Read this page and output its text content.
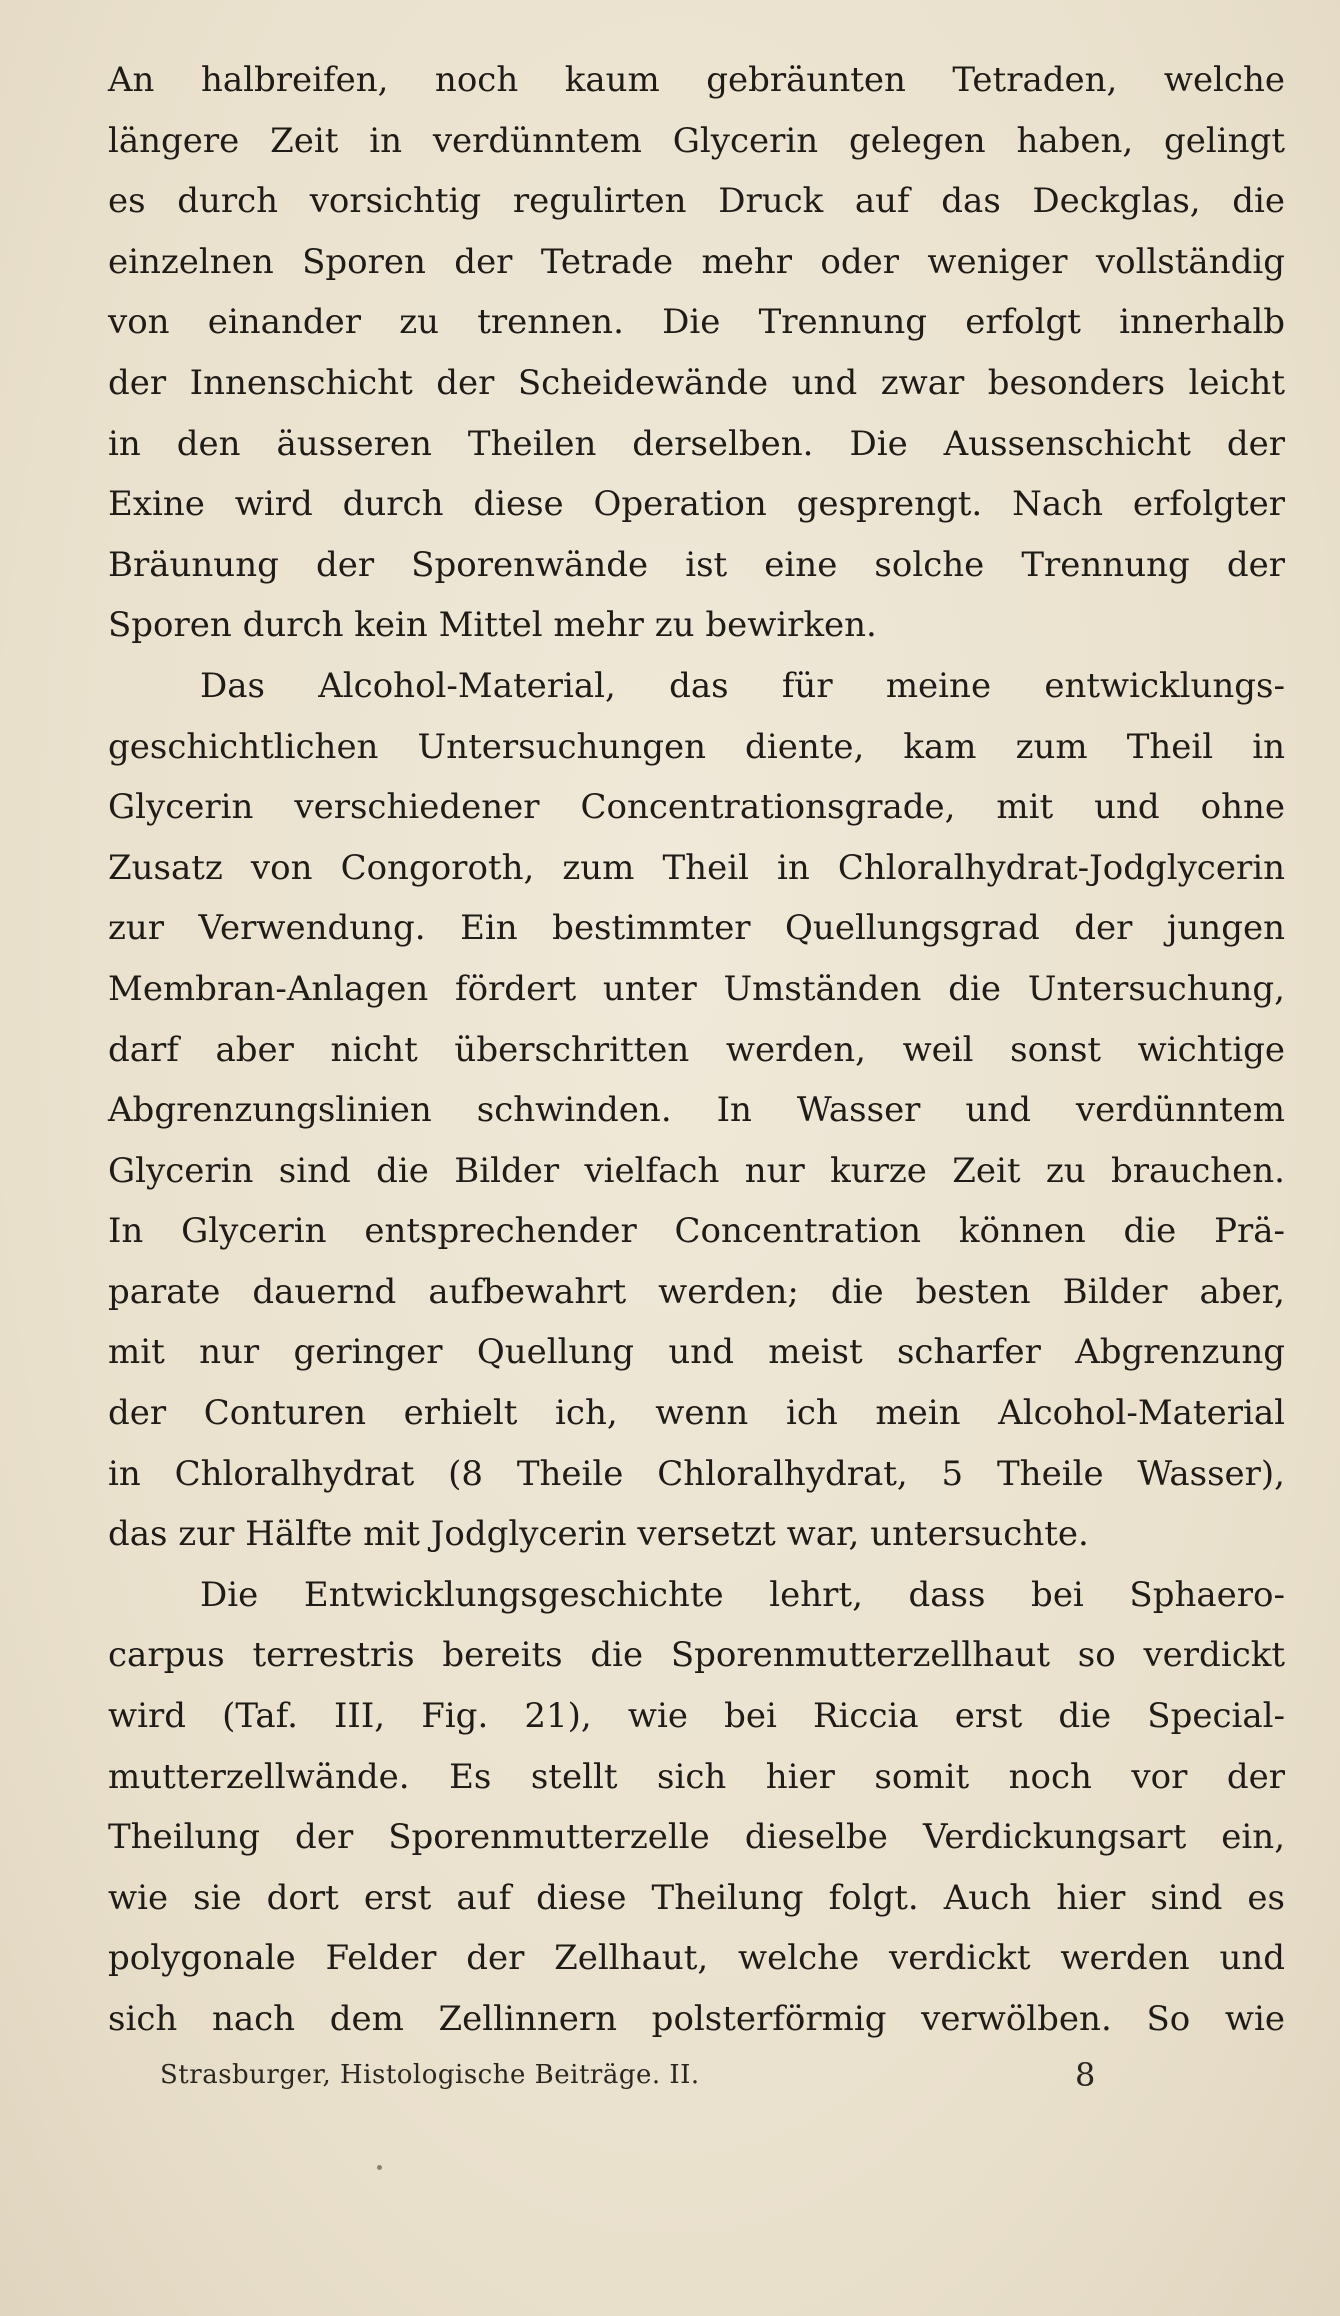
An halbreifen, noch kaum gebräunten Tetraden, welche
längere Zeit in verdünntem Glycerin gelegen haben, gelingt
es durch vorsichtig regulirten Druck auf das Deckglas, die
einzelnen Sporen der Tetrade mehr oder weniger vollständig
von einander zu trennen. Die Trennung erfolgt innerhalb
der Innenschicht der Scheidewände und zwar besonders leicht
in den äusseren Theilen derselben. Die Aussenschicht der
Exine wird durch diese Operation gesprengt. Nach erfolgter
Bräunung der Sporenwände ist eine solche Trennung der
Sporen durch kein Mittel mehr zu bewirken.
Das Alcohol-Material, das für meine entwicklungs-
geschichtlichen Untersuchungen diente, kam zum Theil in
Glycerin verschiedener Concentrationsgrade, mit und ohne
Zusatz von Congoroth, zum Theil in Chloralhydrat-Jodglycerin
zur Verwendung. Ein bestimmter Quellungsgrad der jungen
Membran-Anlagen fördert unter Umständen die Untersuchung,
darf aber nicht überschritten werden, weil sonst wichtige
Abgrenzungslinien schwinden. In Wasser und verdünntem
Glycerin sind die Bilder vielfach nur kurze Zeit zu brauchen.
In Glycerin entsprechender Concentration können die Prä-
parate dauernd aufbewahrt werden; die besten Bilder aber,
mit nur geringer Quellung und meist scharfer Abgrenzung
der Conturen erhielt ich, wenn ich mein Alcohol-Material
in Chloralhydrat (8 Theile Chloralhydrat, 5 Theile Wasser),
das zur Hälfte mit Jodglycerin versetzt war, untersuchte.
Die Entwicklungsgeschichte lehrt, dass bei Sphaero-
carpus terrestris bereits die Sporenmutterzellhaut so verdickt
wird (Taf. III, Fig. 21), wie bei Riccia erst die Special-
mutterzellwände. Es stellt sich hier somit noch vor der
Theilung der Sporenmutterzelle dieselbe Verdickungsart ein,
wie sie dort erst auf diese Theilung folgt. Auch hier sind es
polygonale Felder der Zellhaut, welche verdickt werden und
sich nach dem Zellinnern polsterförmig verwölben. So wie
Strasburger, Histologische Beiträge. II.	8
